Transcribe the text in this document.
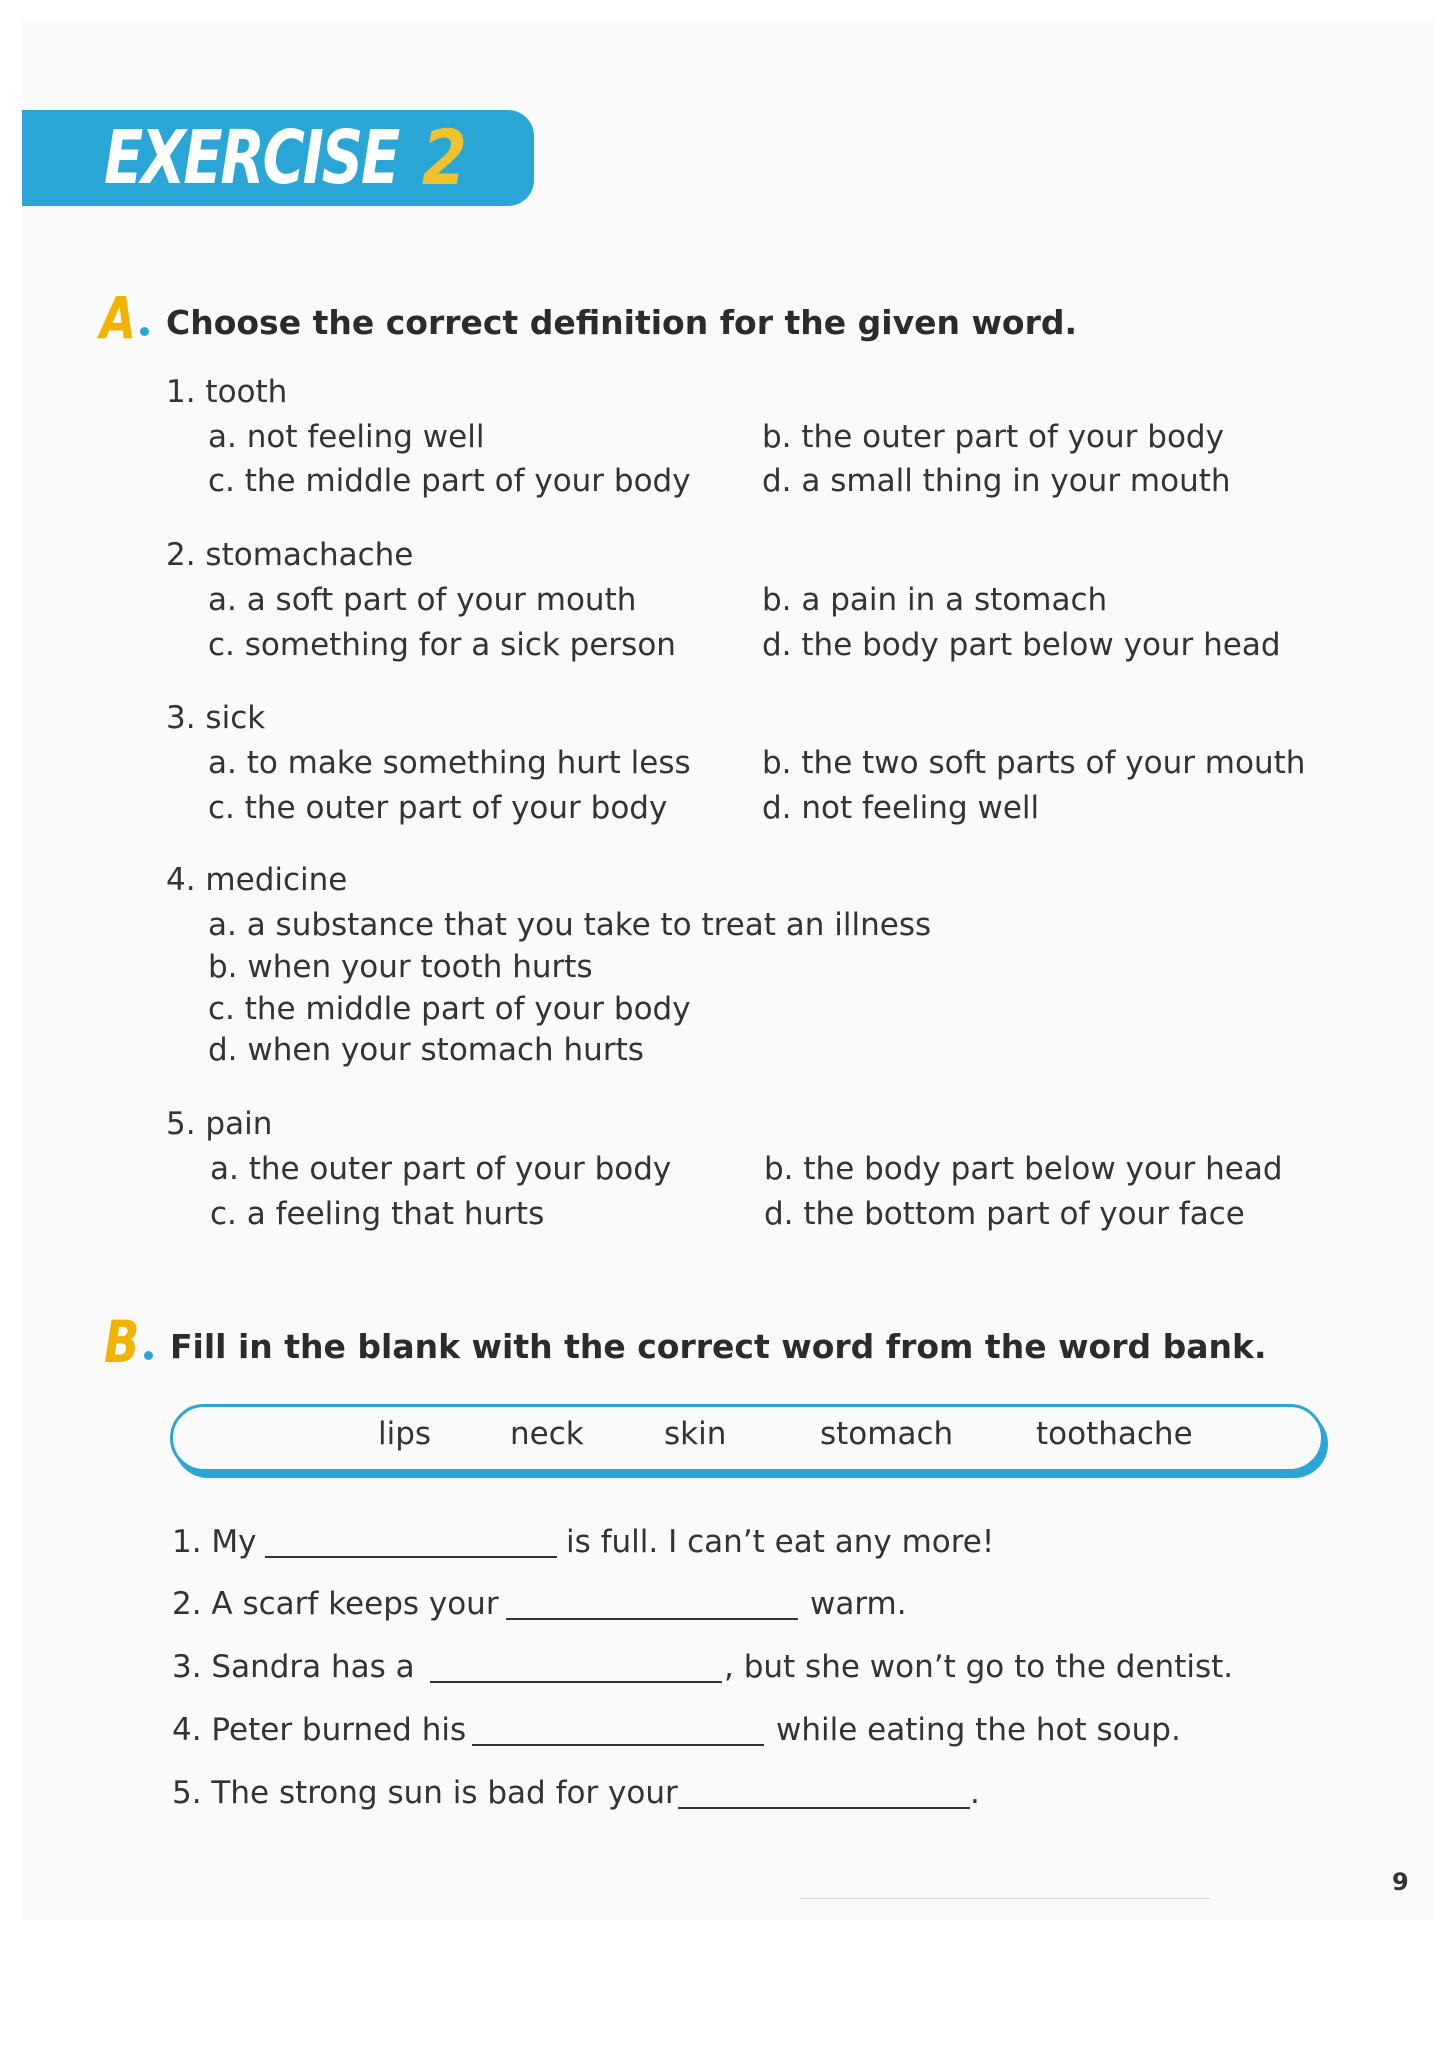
EXERCISE 2
A Choose the correct definition for the given word.
1. tooth
a. not feeling well	b. the outer part of your body
c. the middle part of your body d. a small thing in your mouth
2. stomachache
a. a soft part of your mouth	b. a pain in a stomach
c. something for a sick person	d. the body part below your head
3. sick
a. to make something hurt less b. the two soft parts of your mouth
c. the outer part of your body	d. not feeling well
4. medicine
a. a substance that you take to treat an illness
b. when your tooth hurts
c. the middle part of your body
d. when your stomach hurts
5. pain
a. the outer part of your body	b. the body part below your head
c. a feeling that hurts	d. the bottom part of your face
B Fill in the blank with the correct word from the word bank.
lips	neck	skin	stomach	toothache
1. My	is full. I can’t eat any more!
2. A scarf keeps your	warm.
3. Sandra has a	, but she won’t go to the dentist.
4. Peter burned his	while eating the hot soup.
5. The strong sun is bad for your	.
9
